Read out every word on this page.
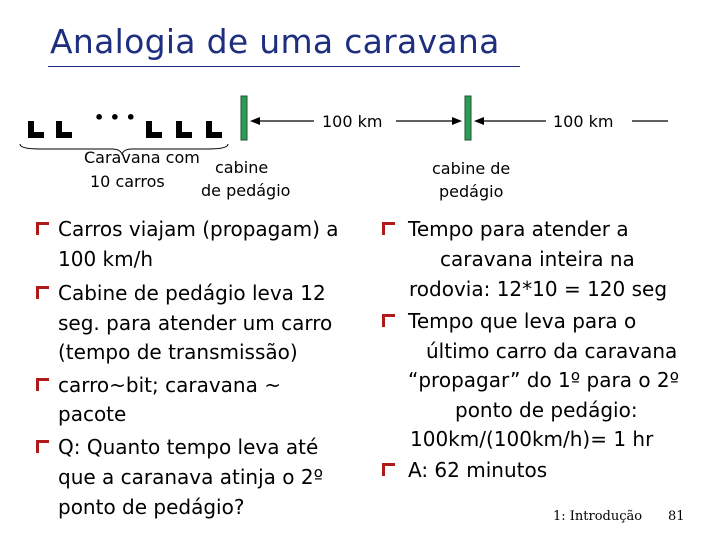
Analogia de uma caravana
• • •	100 km	100 km
Caravana com
10 carros
cabine
de pedágio
cabine de
pedágio
Carros viajam (propagam) a
100 km/h
Cabine de pedágio leva 12
seg. para atender um carro
(tempo de transmissão)
carro~bit; caravana ~
pacote
Q: Quanto tempo leva até
que a caranava atinja o 2º
ponto de pedágio?
Tempo para atender a
caravana inteira na
rodovia: 12*10 = 120 seg
Tempo que leva para o
último carro da caravana
“propagar” do 1º para o 2º
ponto de pedágio:
100km/(100km/h)= 1 hr
A: 62 minutos
1: Introdução 81
